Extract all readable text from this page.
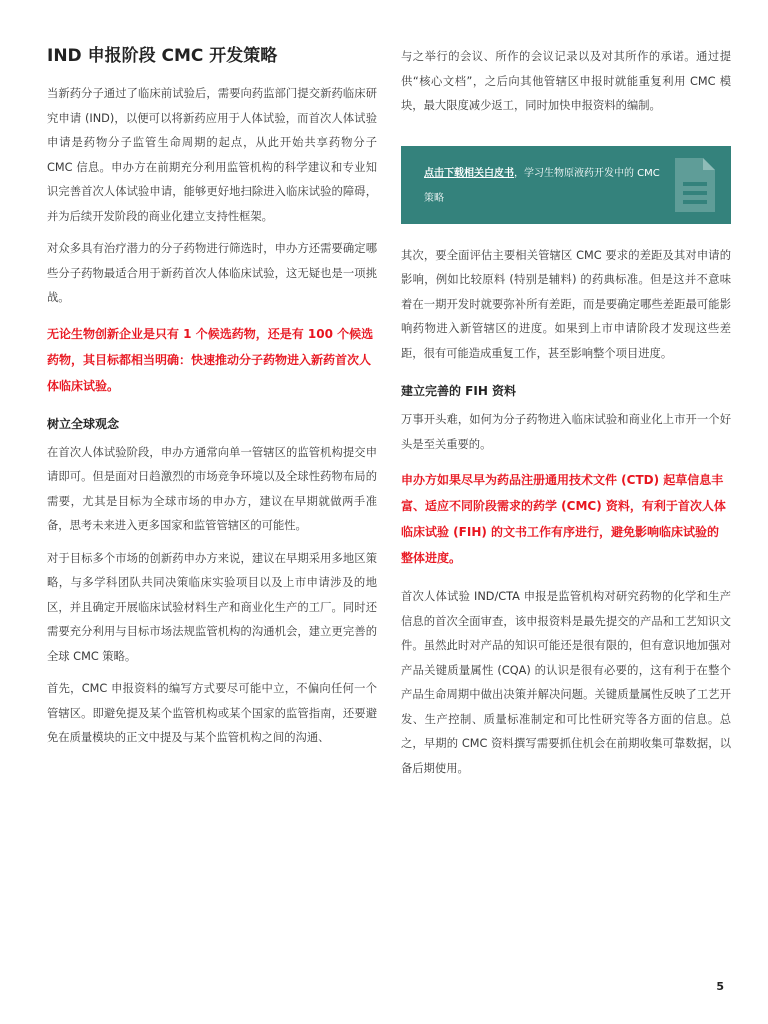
IND 申报阶段 CMC 开发策略

当新药分子通过了临床前试验后，需要向药监部门提交新药临床研究申请 (IND)，以便可以将新药应用于人体试验，而首次人体试验申请是药物分子监管生命周期的起点，从此开始共享药物分子 CMC 信息。申办方在前期充分利用监管机构的科学建议和专业知识完善首次人体试验申请，能够更好地扫除进入临床试验的障碍，并为后续开发阶段的商业化建立支持性框架。

对众多具有治疗潜力的分子药物进行筛选时，申办方还需要确定哪些分子药物最适合用于新药首次人体临床试验，这无疑也是一项挑战。

无论生物创新企业是只有 1 个候选药物，还是有 100 个候选药物，其目标都相当明确：快速推动分子药物进入新药首次人体临床试验。

树立全球观念

在首次人体试验阶段，申办方通常向单一管辖区的监管机构提交申请即可。但是面对日趋激烈的市场竞争环境以及全球性药物布局的需要，尤其是目标为全球市场的申办方，建议在早期就做两手准备，思考未来进入更多国家和监管管辖区的可能性。

对于目标多个市场的创新药申办方来说，建议在早期采用多地区策略，与多学科团队共同决策临床实验项目以及上市申请涉及的地区，并且确定开展临床试验材料生产和商业化生产的工厂。同时还需要充分利用与目标市场法规监管机构的沟通机会，建立更完善的全球 CMC 策略。

首先，CMC 申报资料的编写方式要尽可能中立，不偏向任何一个管辖区。即避免提及某个监管机构或某个国家的监管指南，还要避免在质量模块的正文中提及与某个监管机构之间的沟通、

与之举行的会议、所作的会议记录以及对其所作的承诺。通过提供“核心文档”，之后向其他管辖区申报时就能重复利用 CMC 模块，最大限度减少返工，同时加快申报资料的编制。

点击下载相关白皮书，学习生物原液药开发中的 CMC 策略

其次，要全面评估主要相关管辖区 CMC 要求的差距及其对申请的影响，例如比较原料 (特别是辅料) 的药典标准。但是这并不意味着在一期开发时就要弥补所有差距，而是要确定哪些差距最可能影响药物进入新管辖区的进度。如果到上市申请阶段才发现这些差距，很有可能造成重复工作，甚至影响整个项目进度。

建立完善的 FIH 资料

万事开头难，如何为分子药物进入临床试验和商业化上市开一个好头是至关重要的。

申办方如果尽早为药品注册通用技术文件 (CTD) 起草信息丰富、适应不同阶段需求的药学 (CMC) 资料，有利于首次人体临床试验 (FIH) 的文书工作有序进行，避免影响临床试验的整体进度。

首次人体试验 IND/CTA 申报是监管机构对研究药物的化学和生产信息的首次全面审查，该申报资料是最先提交的产品和工艺知识文件。虽然此时对产品的知识可能还是很有限的，但有意识地加强对产品关键质量属性 (CQA) 的认识是很有必要的，这有利于在整个产品生命周期中做出决策并解决问题。关键质量属性反映了工艺开发、生产控制、质量标准制定和可比性研究等各方面的信息。总之，早期的 CMC 资料撰写需要抓住机会在前期收集可靠数据，以备后期使用。

5
